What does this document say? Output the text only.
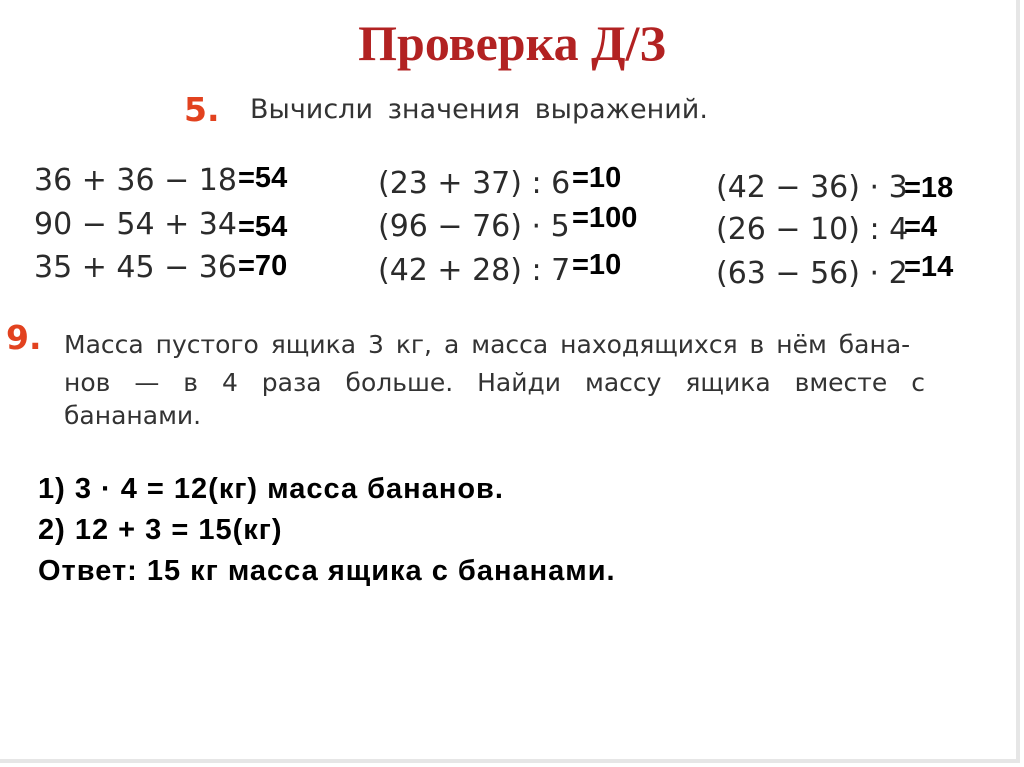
Проверка Д/З
5. Вычисли значения выражений.
36 + 36 − 18 =54
90 − 54 + 34 =54
35 + 45 − 36 =70
(23 + 37) : 6 =10
(96 − 76) · 5 =100
(42 + 28) : 7 =10
(42 − 36) · 3
=18
(26 − 10) : 4
=4
(63 − 56) · 2
=14
9. Масса пустого ящика 3 кг, а масса находящихся в нём бана-
нов — в 4 раза больше. Найди массу ящика вместе с
бананами.
1) 3 · 4 = 12(кг) масса бананов.
2) 12 + 3 = 15(кг)
Ответ: 15 кг масса ящика с бананами.
